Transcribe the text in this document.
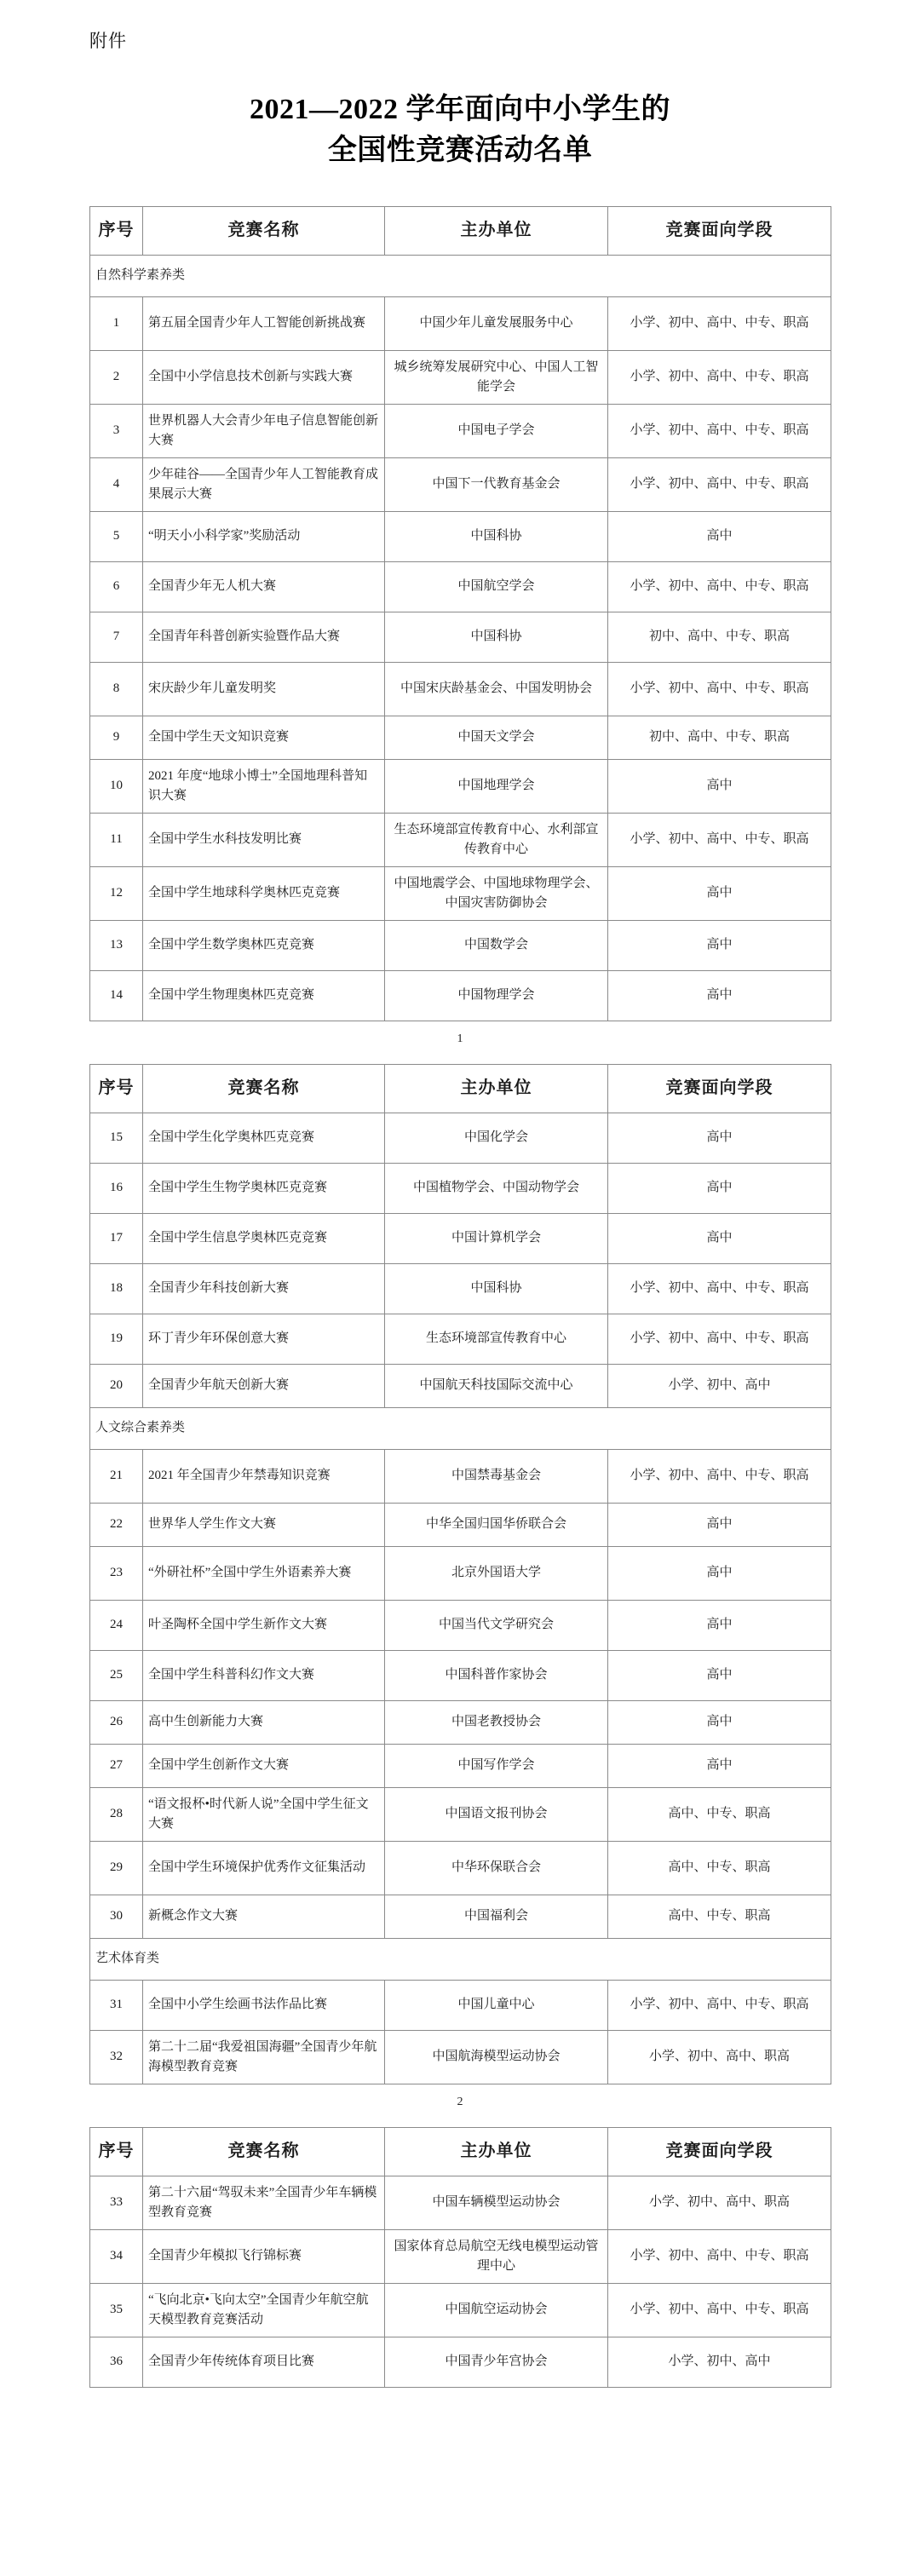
附件
2021—2022 学年面向中小学生的
全国性竞赛活动名单
序号	竞赛名称	主办单位	竞赛面向学段
自然科学素养类			
1	第五届全国青少年人工智能创新挑战赛	中国少年儿童发展服务中心	小学、初中、高中、中专、职高
2	全国中小学信息技术创新与实践大赛	城乡统筹发展研究中心、中国人工智能学会	小学、初中、高中、中专、职高
3	世界机器人大会青少年电子信息智能创新大赛	中国电子学会	小学、初中、高中、中专、职高
4	少年硅谷——全国青少年人工智能教育成果展示大赛	中国下一代教育基金会	小学、初中、高中、中专、职高
5	“明天小小科学家”奖励活动	中国科协	高中
6	全国青少年无人机大赛	中国航空学会	小学、初中、高中、中专、职高
7	全国青年科普创新实验暨作品大赛	中国科协	初中、高中、中专、职高
8	宋庆龄少年儿童发明奖	中国宋庆龄基金会、中国发明协会	小学、初中、高中、中专、职高
9	全国中学生天文知识竞赛	中国天文学会	初中、高中、中专、职高
10	2021 年度“地球小博士”全国地理科普知识大赛	中国地理学会	高中
11	全国中学生水科技发明比赛	生态环境部宣传教育中心、水利部宣传教育中心	小学、初中、高中、中专、职高
12	全国中学生地球科学奥林匹克竞赛	中国地震学会、中国地球物理学会、中国灾害防御协会	高中
13	全国中学生数学奥林匹克竞赛	中国数学会	高中
14	全国中学生物理奥林匹克竞赛	中国物理学会	高中
1
序号	竞赛名称	主办单位	竞赛面向学段
15	全国中学生化学奥林匹克竞赛	中国化学会	高中
16	全国中学生生物学奥林匹克竞赛	中国植物学会、中国动物学会	高中
17	全国中学生信息学奥林匹克竞赛	中国计算机学会	高中
18	全国青少年科技创新大赛	中国科协	小学、初中、高中、中专、职高
19	环丁青少年环保创意大赛	生态环境部宣传教育中心	小学、初中、高中、中专、职高
20	全国青少年航天创新大赛	中国航天科技国际交流中心	小学、初中、高中
人文综合素养类			
21	2021 年全国青少年禁毒知识竞赛	中国禁毒基金会	小学、初中、高中、中专、职高
22	世界华人学生作文大赛	中华全国归国华侨联合会	高中
23	“外研社杯”全国中学生外语素养大赛	北京外国语大学	高中
24	叶圣陶杯全国中学生新作文大赛	中国当代文学研究会	高中
25	全国中学生科普科幻作文大赛	中国科普作家协会	高中
26	高中生创新能力大赛	中国老教授协会	高中
27	全国中学生创新作文大赛	中国写作学会	高中
28	“语文报杯•时代新人说”全国中学生征文大赛	中国语文报刊协会	高中、中专、职高
29	全国中学生环境保护优秀作文征集活动	中华环保联合会	高中、中专、职高
30	新概念作文大赛	中国福利会	高中、中专、职高
艺术体育类			
31	全国中小学生绘画书法作品比赛	中国儿童中心	小学、初中、高中、中专、职高
32	第二十二届“我爱祖国海疆”全国青少年航海模型教育竞赛	中国航海模型运动协会	小学、初中、高中、职高
2
序号	竞赛名称	主办单位	竞赛面向学段
33	第二十六届“驾驭未来”全国青少年车辆模型教育竞赛	中国车辆模型运动协会	小学、初中、高中、职高
34	全国青少年模拟飞行锦标赛	国家体育总局航空无线电模型运动管理中心	小学、初中、高中、中专、职高
35	“飞向北京•飞向太空”全国青少年航空航天模型教育竞赛活动	中国航空运动协会	小学、初中、高中、中专、职高
36	全国青少年传统体育项目比赛	中国青少年宫协会	小学、初中、高中
